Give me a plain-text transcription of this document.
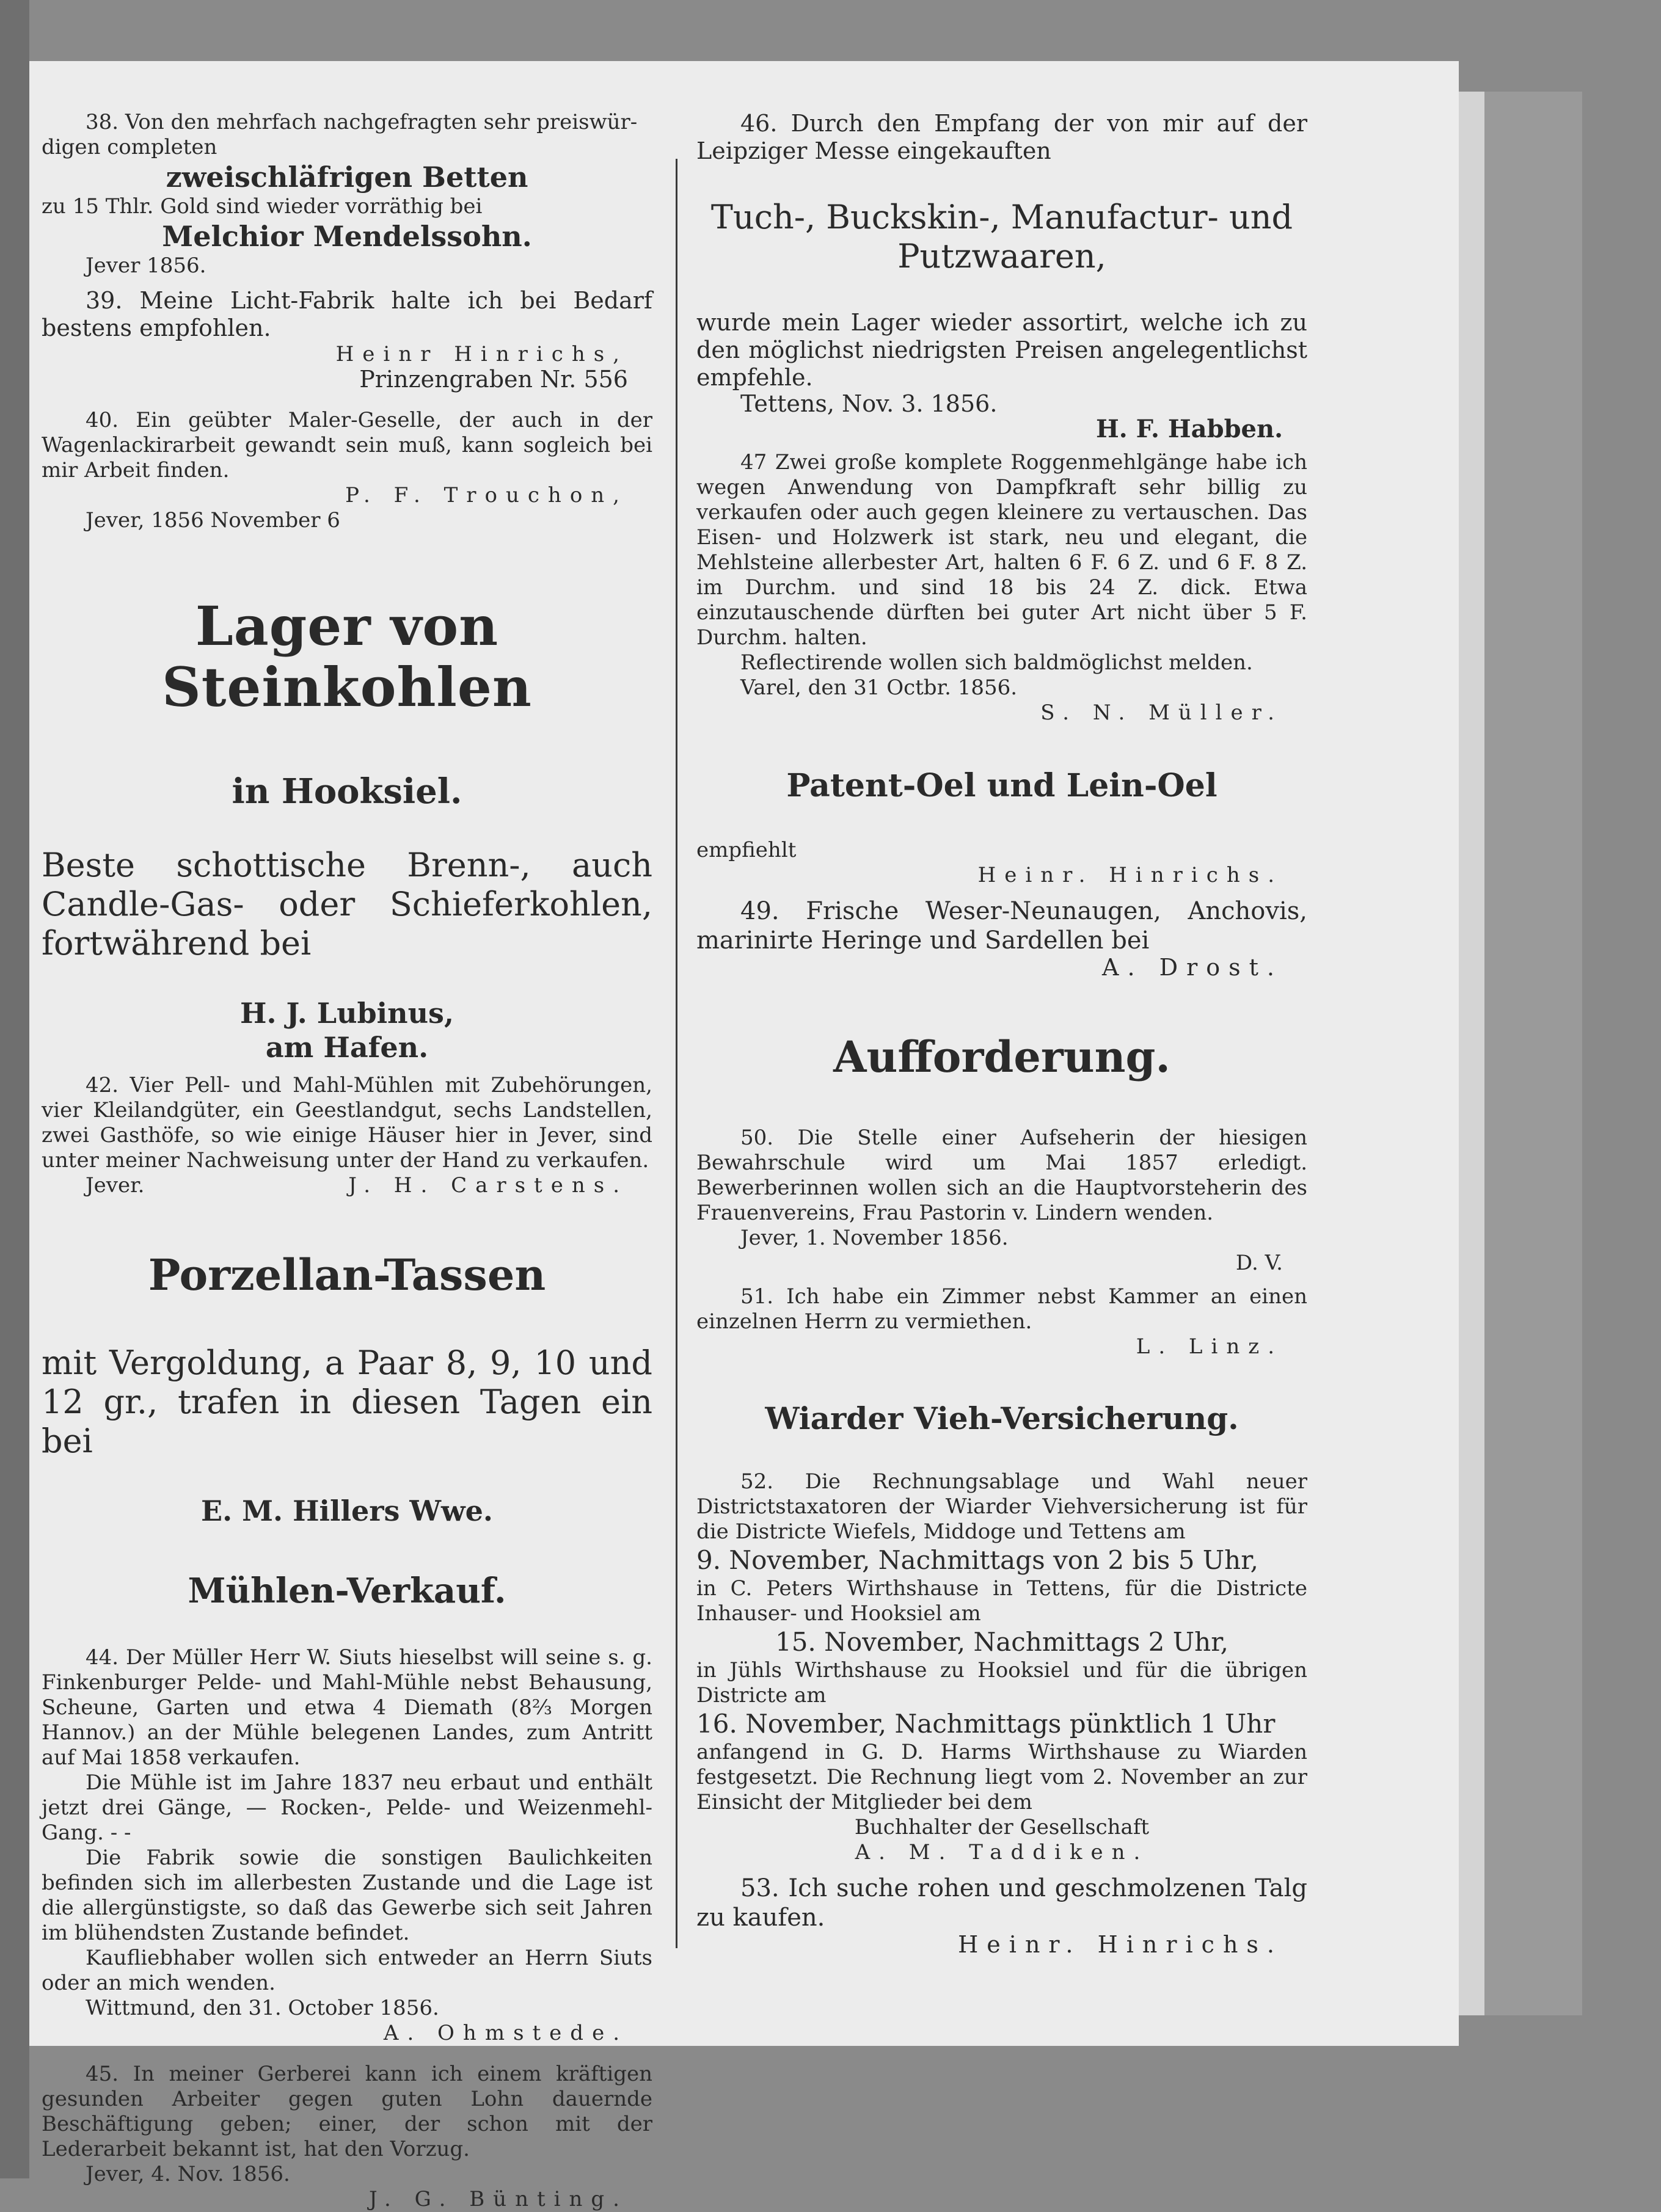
38. Von den mehrfach nachgefragten sehr preiswür-

digen completen

zweischläfrigen Betten

zu 15 Thlr. Gold sind wieder vorräthig bei

Melchior Mendelssohn.

Jever 1856.

39. Meine Licht-Fabrik halte ich bei Bedarf bestens empfohlen.

Heinr Hinrichs,

Prinzengraben Nr. 556

40. Ein geübter Maler-Geselle, der auch in der Wagenlackirarbeit gewandt sein muß, kann sogleich bei mir Arbeit finden.

P. F. Trouchon,

Jever, 1856 November 6

Lager von Steinkohlen

in Hooksiel.

Beste schottische Brenn-, auch Candle-Gas- oder Schieferkohlen, fortwährend bei

H. J. Lubinus,

am Hafen.

42. Vier Pell- und Mahl-Mühlen mit Zubehörungen, vier Kleilandgüter, ein Geestlandgut, sechs Landstellen, zwei Gasthöfe, so wie einige Häuser hier in Jever, sind unter meiner Nachweisung unter der Hand zu verkaufen.

Jever.	J. H. Carstens.

Porzellan-Tassen

mit Vergoldung, a Paar 8, 9, 10 und 12 gr., trafen in diesen Tagen ein bei

E. M. Hillers Wwe.

Mühlen-Verkauf.

44. Der Müller Herr W. Siuts hieselbst will seine s. g. Finkenburger Pelde- und Mahl-Mühle nebst Behausung, Scheune, Garten und etwa 4 Diemath (8⅔ Morgen Hannov.) an der Mühle belegenen Landes, zum Antritt auf Mai 1858 verkaufen.

Die Mühle ist im Jahre 1837 neu erbaut und enthält jetzt drei Gänge, — Rocken-, Pelde- und Weizenmehl-Gang. - -

Die Fabrik sowie die sonstigen Baulichkeiten befinden sich im allerbesten Zustande und die Lage ist die allergünstigste, so daß das Gewerbe sich seit Jahren im blühendsten Zustande befindet.

Kaufliebhaber wollen sich entweder an Herrn Siuts oder an mich wenden.

Wittmund, den 31. October 1856.

A. Ohmstede.

45. In meiner Gerberei kann ich einem kräftigen gesunden Arbeiter gegen guten Lohn dauernde Beschäftigung geben; einer, der schon mit der Lederarbeit bekannt ist, hat den Vorzug.

Jever, 4. Nov. 1856.

J. G. Bünting.

46. Durch den Empfang der von mir auf der Leipziger Messe eingekauften

Tuch-, Buckskin-, Manufactur- und Putzwaaren,

wurde mein Lager wieder assortirt, welche ich zu den möglichst niedrigsten Preisen angelegentlichst empfehle.

Tettens, Nov. 3. 1856.

H. F. Habben.

47 Zwei große komplete Roggenmehlgänge habe ich wegen Anwendung von Dampfkraft sehr billig zu verkaufen oder auch gegen kleinere zu vertauschen. Das Eisen- und Holzwerk ist stark, neu und elegant, die Mehlsteine allerbester Art, halten 6 F. 6 Z. und 6 F. 8 Z. im Durchm. und sind 18 bis 24 Z. dick. Etwa einzutauschende dürften bei guter Art nicht über 5 F. Durchm. halten.

Reflectirende wollen sich baldmöglichst melden.

Varel, den 31 Octbr. 1856.

S. N. Müller.

Patent-Oel und Lein-Oel

empfiehlt

Heinr. Hinrichs.

49. Frische Weser-Neunaugen, Anchovis, marinirte Heringe und Sardellen bei

A. Drost.

Aufforderung.

50. Die Stelle einer Aufseherin der hiesigen Bewahrschule wird um Mai 1857 erledigt. Bewerberinnen wollen sich an die Hauptvorsteherin des Frauenvereins, Frau Pastorin v. Lindern wenden.

Jever, 1. November 1856.

D. V.

51. Ich habe ein Zimmer nebst Kammer an einen einzelnen Herrn zu vermiethen.

L. Linz.

Wiarder Vieh-Versicherung.

52. Die Rechnungsablage und Wahl neuer Districtstaxatoren der Wiarder Viehversicherung ist für die Districte Wiefels, Middoge und Tettens am

9. November, Nachmittags von 2 bis 5 Uhr,

in C. Peters Wirthshause in Tettens, für die Districte Inhauser- und Hooksiel am

15. November, Nachmittags 2 Uhr,

in Jühls Wirthshause zu Hooksiel und für die übrigen Districte am

16. November, Nachmittags pünktlich 1 Uhr

anfangend in G. D. Harms Wirthshause zu Wiarden festgesetzt. Die Rechnung liegt vom 2. November an zur Einsicht der Mitglieder bei dem

Buchhalter der Gesellschaft

A. M. Taddiken.

53. Ich suche rohen und geschmolzenen Talg zu kaufen.

Heinr. Hinrichs.
